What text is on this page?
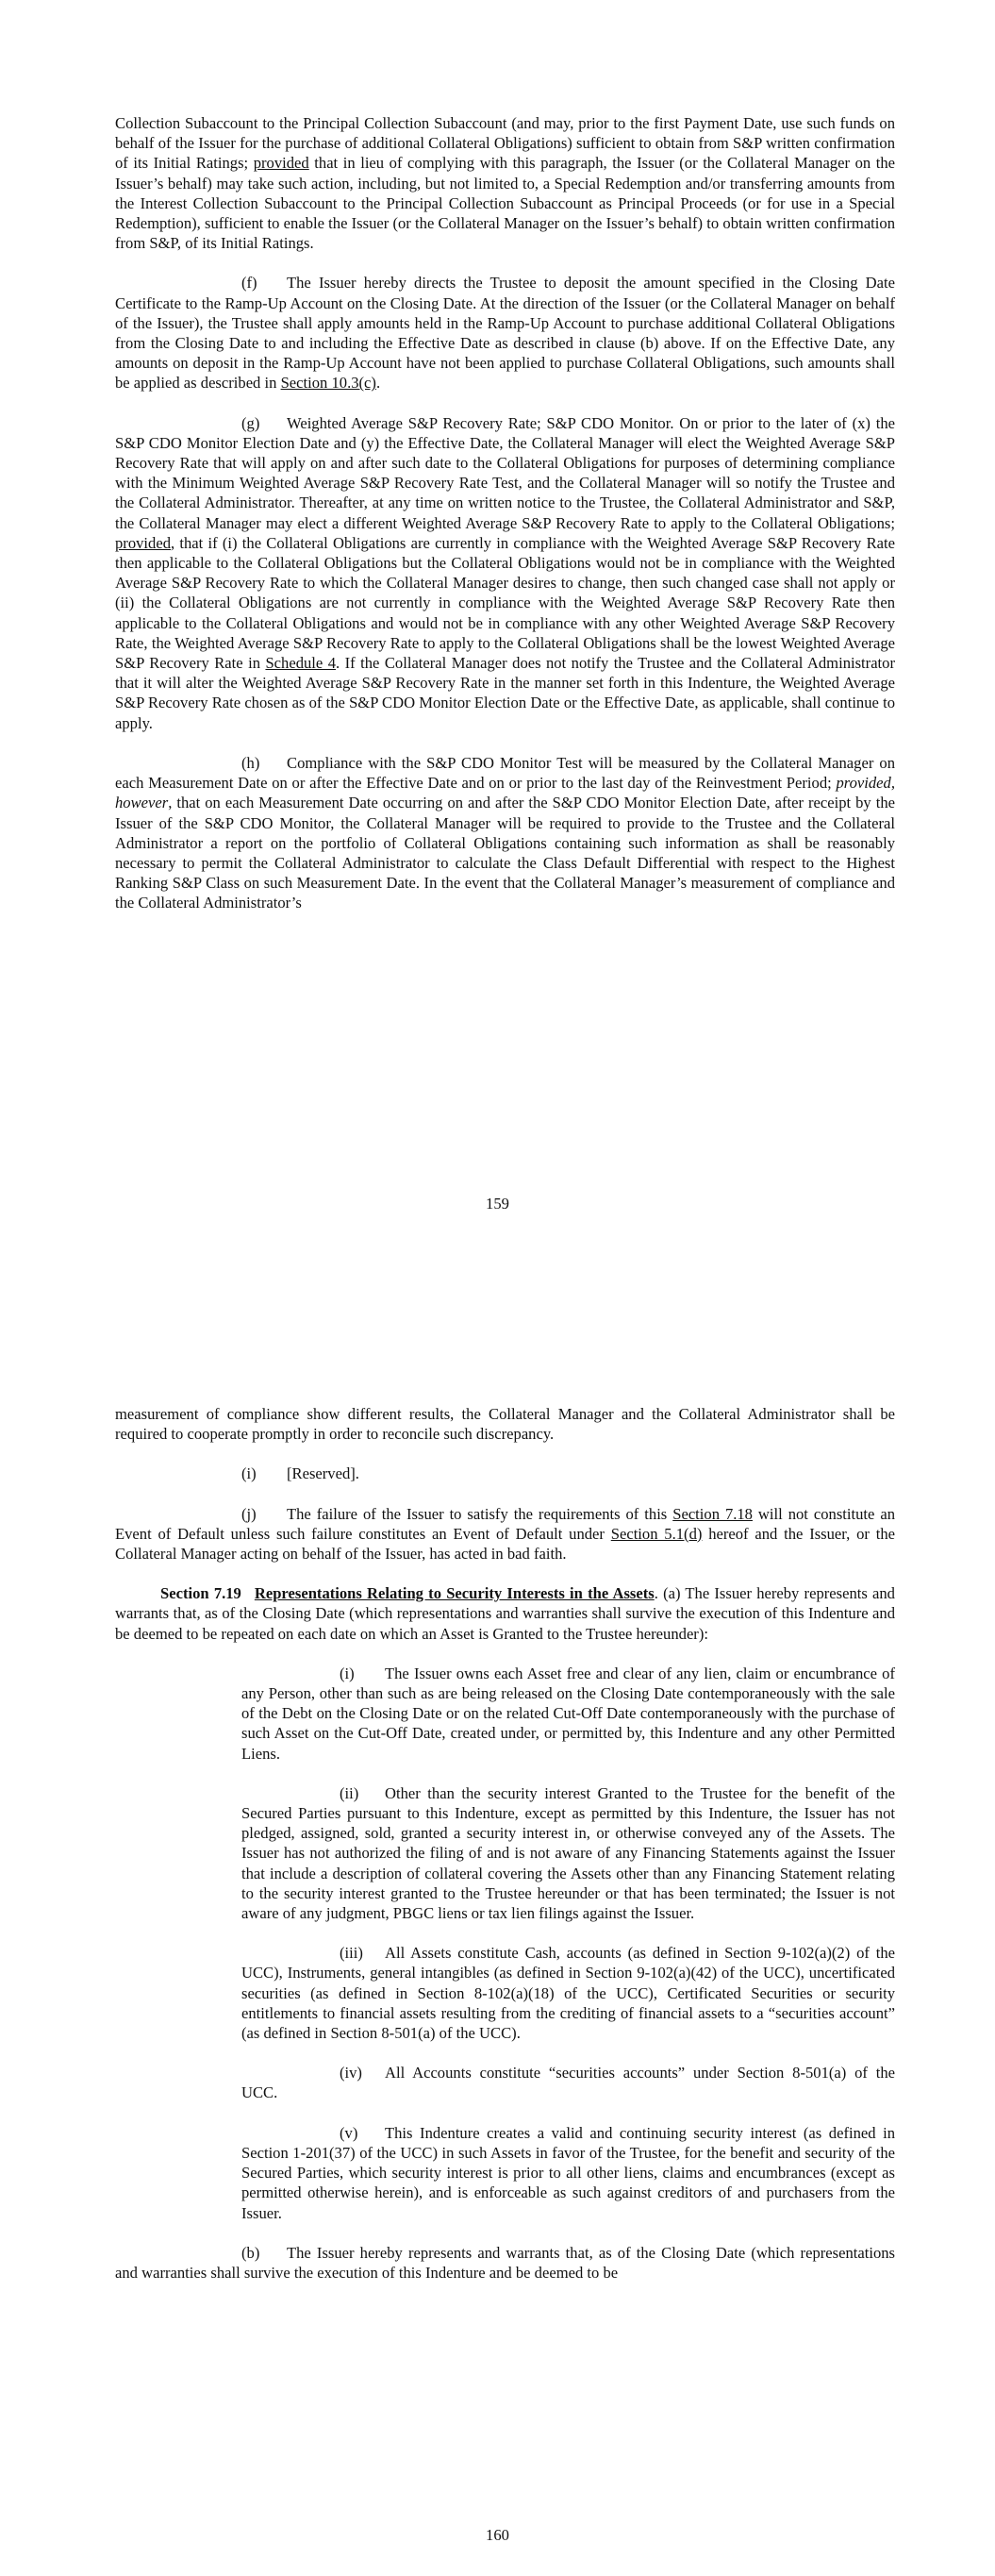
Collection Subaccount to the Principal Collection Subaccount (and may, prior to the first Payment Date, use such funds on behalf of the Issuer for the purchase of additional Collateral Obligations) sufficient to obtain from S&P written confirmation of its Initial Ratings; provided that in lieu of complying with this paragraph, the Issuer (or the Collateral Manager on the Issuer’s behalf) may take such action, including, but not limited to, a Special Redemption and/or transferring amounts from the Interest Collection Subaccount to the Principal Collection Subaccount as Principal Proceeds (or for use in a Special Redemption), sufficient to enable the Issuer (or the Collateral Manager on the Issuer’s behalf) to obtain written confirmation from S&P, of its Initial Ratings.

(f) The Issuer hereby directs the Trustee to deposit the amount specified in the Closing Date Certificate to the Ramp-Up Account on the Closing Date. At the direction of the Issuer (or the Collateral Manager on behalf of the Issuer), the Trustee shall apply amounts held in the Ramp-Up Account to purchase additional Collateral Obligations from the Closing Date to and including the Effective Date as described in clause (b) above. If on the Effective Date, any amounts on deposit in the Ramp-Up Account have not been applied to purchase Collateral Obligations, such amounts shall be applied as described in Section 10.3(c).

(g) Weighted Average S&P Recovery Rate; S&P CDO Monitor. On or prior to the later of (x) the S&P CDO Monitor Election Date and (y) the Effective Date, the Collateral Manager will elect the Weighted Average S&P Recovery Rate that will apply on and after such date to the Collateral Obligations for purposes of determining compliance with the Minimum Weighted Average S&P Recovery Rate Test, and the Collateral Manager will so notify the Trustee and the Collateral Administrator. Thereafter, at any time on written notice to the Trustee, the Collateral Administrator and S&P, the Collateral Manager may elect a different Weighted Average S&P Recovery Rate to apply to the Collateral Obligations; provided, that if (i) the Collateral Obligations are currently in compliance with the Weighted Average S&P Recovery Rate then applicable to the Collateral Obligations but the Collateral Obligations would not be in compliance with the Weighted Average S&P Recovery Rate to which the Collateral Manager desires to change, then such changed case shall not apply or (ii) the Collateral Obligations are not currently in compliance with the Weighted Average S&P Recovery Rate then applicable to the Collateral Obligations and would not be in compliance with any other Weighted Average S&P Recovery Rate, the Weighted Average S&P Recovery Rate to apply to the Collateral Obligations shall be the lowest Weighted Average S&P Recovery Rate in Schedule 4. If the Collateral Manager does not notify the Trustee and the Collateral Administrator that it will alter the Weighted Average S&P Recovery Rate in the manner set forth in this Indenture, the Weighted Average S&P Recovery Rate chosen as of the S&P CDO Monitor Election Date or the Effective Date, as applicable, shall continue to apply.

(h) Compliance with the S&P CDO Monitor Test will be measured by the Collateral Manager on each Measurement Date on or after the Effective Date and on or prior to the last day of the Reinvestment Period; provided, however, that on each Measurement Date occurring on and after the S&P CDO Monitor Election Date, after receipt by the Issuer of the S&P CDO Monitor, the Collateral Manager will be required to provide to the Trustee and the Collateral Administrator a report on the portfolio of Collateral Obligations containing such information as shall be reasonably necessary to permit the Collateral Administrator to calculate the Class Default Differential with respect to the Highest Ranking S&P Class on such Measurement Date. In the event that the Collateral Manager’s measurement of compliance and the Collateral Administrator’s

159

measurement of compliance show different results, the Collateral Manager and the Collateral Administrator shall be required to cooperate promptly in order to reconcile such discrepancy.

(i) [Reserved].

(j) The failure of the Issuer to satisfy the requirements of this Section 7.18 will not constitute an Event of Default unless such failure constitutes an Event of Default under Section 5.1(d) hereof and the Issuer, or the Collateral Manager acting on behalf of the Issuer, has acted in bad faith.

Section 7.19 Representations Relating to Security Interests in the Assets. (a) The Issuer hereby represents and warrants that, as of the Closing Date (which representations and warranties shall survive the execution of this Indenture and be deemed to be repeated on each date on which an Asset is Granted to the Trustee hereunder):

(i) The Issuer owns each Asset free and clear of any lien, claim or encumbrance of any Person, other than such as are being released on the Closing Date contemporaneously with the sale of the Debt on the Closing Date or on the related Cut-Off Date contemporaneously with the purchase of such Asset on the Cut-Off Date, created under, or permitted by, this Indenture and any other Permitted Liens.

(ii) Other than the security interest Granted to the Trustee for the benefit of the Secured Parties pursuant to this Indenture, except as permitted by this Indenture, the Issuer has not pledged, assigned, sold, granted a security interest in, or otherwise conveyed any of the Assets. The Issuer has not authorized the filing of and is not aware of any Financing Statements against the Issuer that include a description of collateral covering the Assets other than any Financing Statement relating to the security interest granted to the Trustee hereunder or that has been terminated; the Issuer is not aware of any judgment, PBGC liens or tax lien filings against the Issuer.

(iii) All Assets constitute Cash, accounts (as defined in Section 9-102(a)(2) of the UCC), Instruments, general intangibles (as defined in Section 9-102(a)(42) of the UCC), uncertificated securities (as defined in Section 8-102(a)(18) of the UCC), Certificated Securities or security entitlements to financial assets resulting from the crediting of financial assets to a “securities account” (as defined in Section 8-501(a) of the UCC).

(iv) All Accounts constitute “securities accounts” under Section 8-501(a) of the UCC.

(v) This Indenture creates a valid and continuing security interest (as defined in Section 1-201(37) of the UCC) in such Assets in favor of the Trustee, for the benefit and security of the Secured Parties, which security interest is prior to all other liens, claims and encumbrances (except as permitted otherwise herein), and is enforceable as such against creditors of and purchasers from the Issuer.

(b) The Issuer hereby represents and warrants that, as of the Closing Date (which representations and warranties shall survive the execution of this Indenture and be deemed to be

160
